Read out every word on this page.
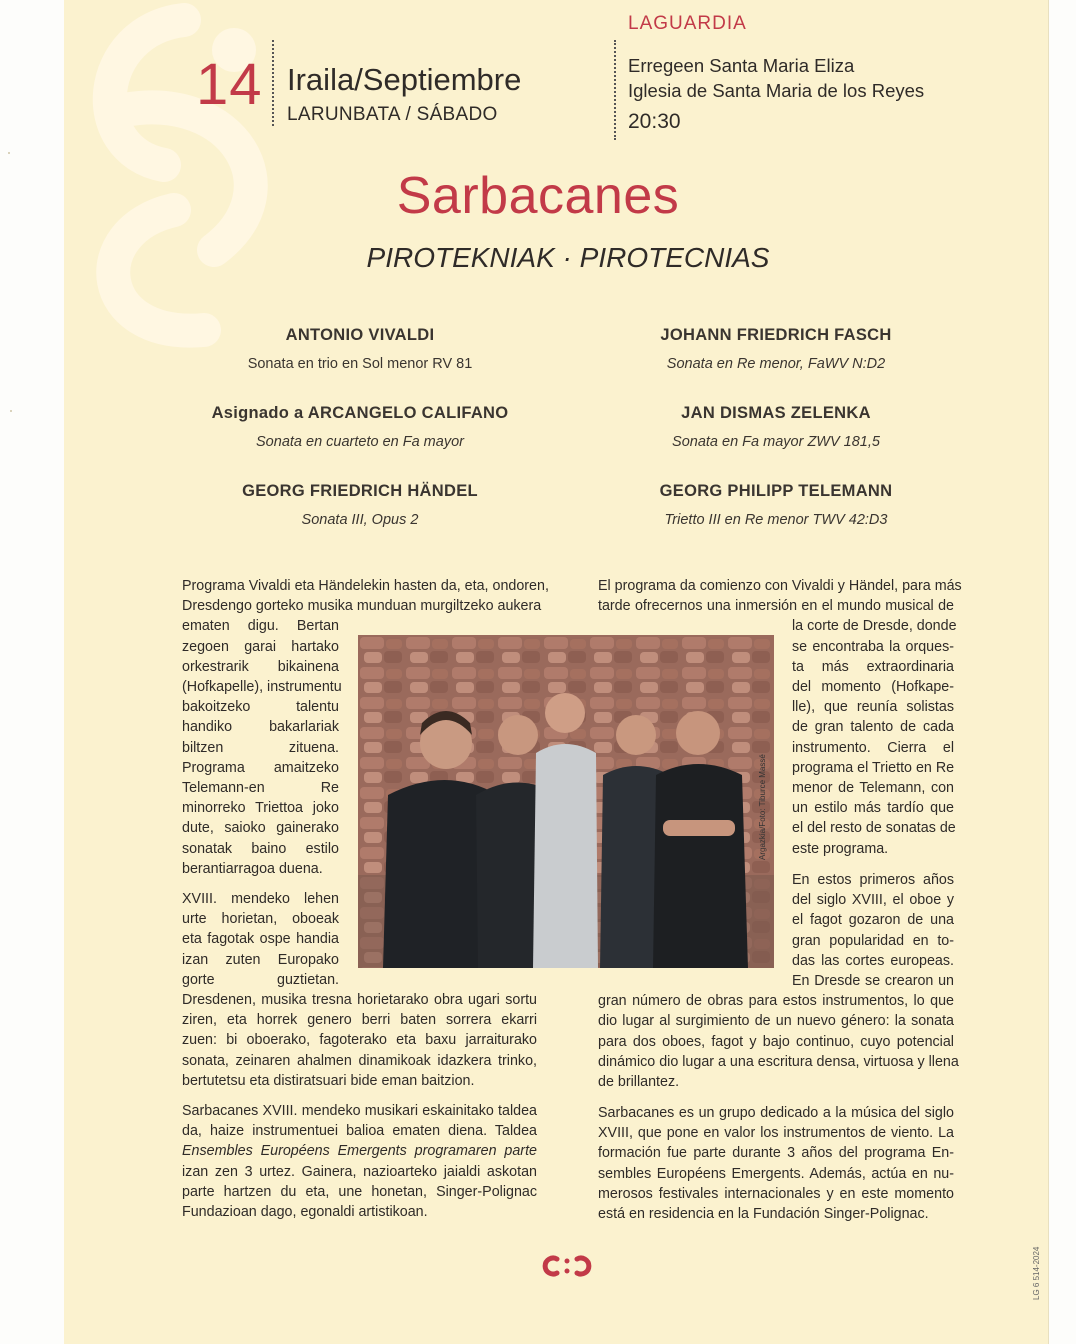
14 Iraila/Septiembre
LARUNBATA / SÁBADO
LAGUARDIA
Erregeen Santa Maria Eliza
Iglesia de Santa Maria de los Reyes
20:30
Sarbacanes
PIROTEKNIAK · PIROTECNIAS
ANTONIO VIVALDI
Sonata en trio en Sol menor RV 81
JOHANN FRIEDRICH FASCH
Sonata en Re menor, FaWV N:D2
Asignado a ARCANGELO CALIFANO
Sonata en cuarteto en Fa mayor
JAN DISMAS ZELENKA
Sonata en Fa mayor ZWV 181,5
GEORG FRIEDRICH HÄNDEL
Sonata III, Opus 2
GEORG PHILIPP TELEMANN
Trietto III en Re menor TWV 42:D3
Programa Vivaldi eta Händelekin hasten da, eta, ondoren,
Dresdengo gorteko musika munduan murgiltzeko aukera
ematen digu. Bertan
zegoen garai hartako
orkestrarik bikainena
(Hofkapelle), instrumentu
bakoitzeko talentu
handiko bakarlariak
biltzen zituena.
Programa amaitzeko
Telemann-en Re
minorreko Triettoa joko
dute, saioko gainerako
sonatak baino estilo
berantiarragoa duena.
XVIII. mendeko lehen
urte horietan, oboeak
eta fagotak ospe handia
izan zuten Europako
gorte guztietan.
Dresdenen, musika tresna horietarako obra ugari sortu
ziren, eta horrek genero berri baten sorrera ekarri
zuen: bi oboerako, fagoterako eta baxu jarraiturako
sonata, zeinaren ahalmen dinamikoak idazkera trinko,
bertutetsu eta distiratsuari bide eman baitzion.
Sarbacanes XVIII. mendeko musikari eskainitako taldea
da, haize instrumentuei balioa ematen diena. Taldea
Ensembles Européens Emergents programaren parte
izan zen 3 urtez. Gainera, nazioarteko jaialdi askotan
parte hartzen du eta, une honetan, Singer-Polignac
Fundazioan dago, egonaldi artistikoan.
El programa da comienzo con Vivaldi y Händel, para más
tarde ofrecernos una inmersión en el mundo musical de
la corte de Dresde, donde
se encontraba la orques-
ta más extraordinaria
del momento (Hofkape-
lle), que reunía solistas
de gran talento de cada
instrumento. Cierra el
programa el Trietto en Re
menor de Telemann, con
un estilo más tardío que
el del resto de sonatas de
este programa.
En estos primeros años
del siglo XVIII, el oboe y
el fagot gozaron de una
gran popularidad en to-
das las cortes europeas.
En Dresde se crearon un
gran número de obras para estos instrumentos, lo que
dio lugar al surgimiento de un nuevo género: la sonata
para dos oboes, fagot y bajo continuo, cuyo potencial
dinámico dio lugar a una escritura densa, virtuosa y llena
de brillantez.
Sarbacanes es un grupo dedicado a la música del siglo
XVIII, que pone en valor los instrumentos de viento. La
formación fue parte durante 3 años del programa En-
sembles Européens Emergents. Además, actúa en nu-
merosos festivales internacionales y en este momento
está en residencia en la Fundación Singer-Polignac.
Argazkia/Foto: Tiburce Massé
LG 6 514-2024
